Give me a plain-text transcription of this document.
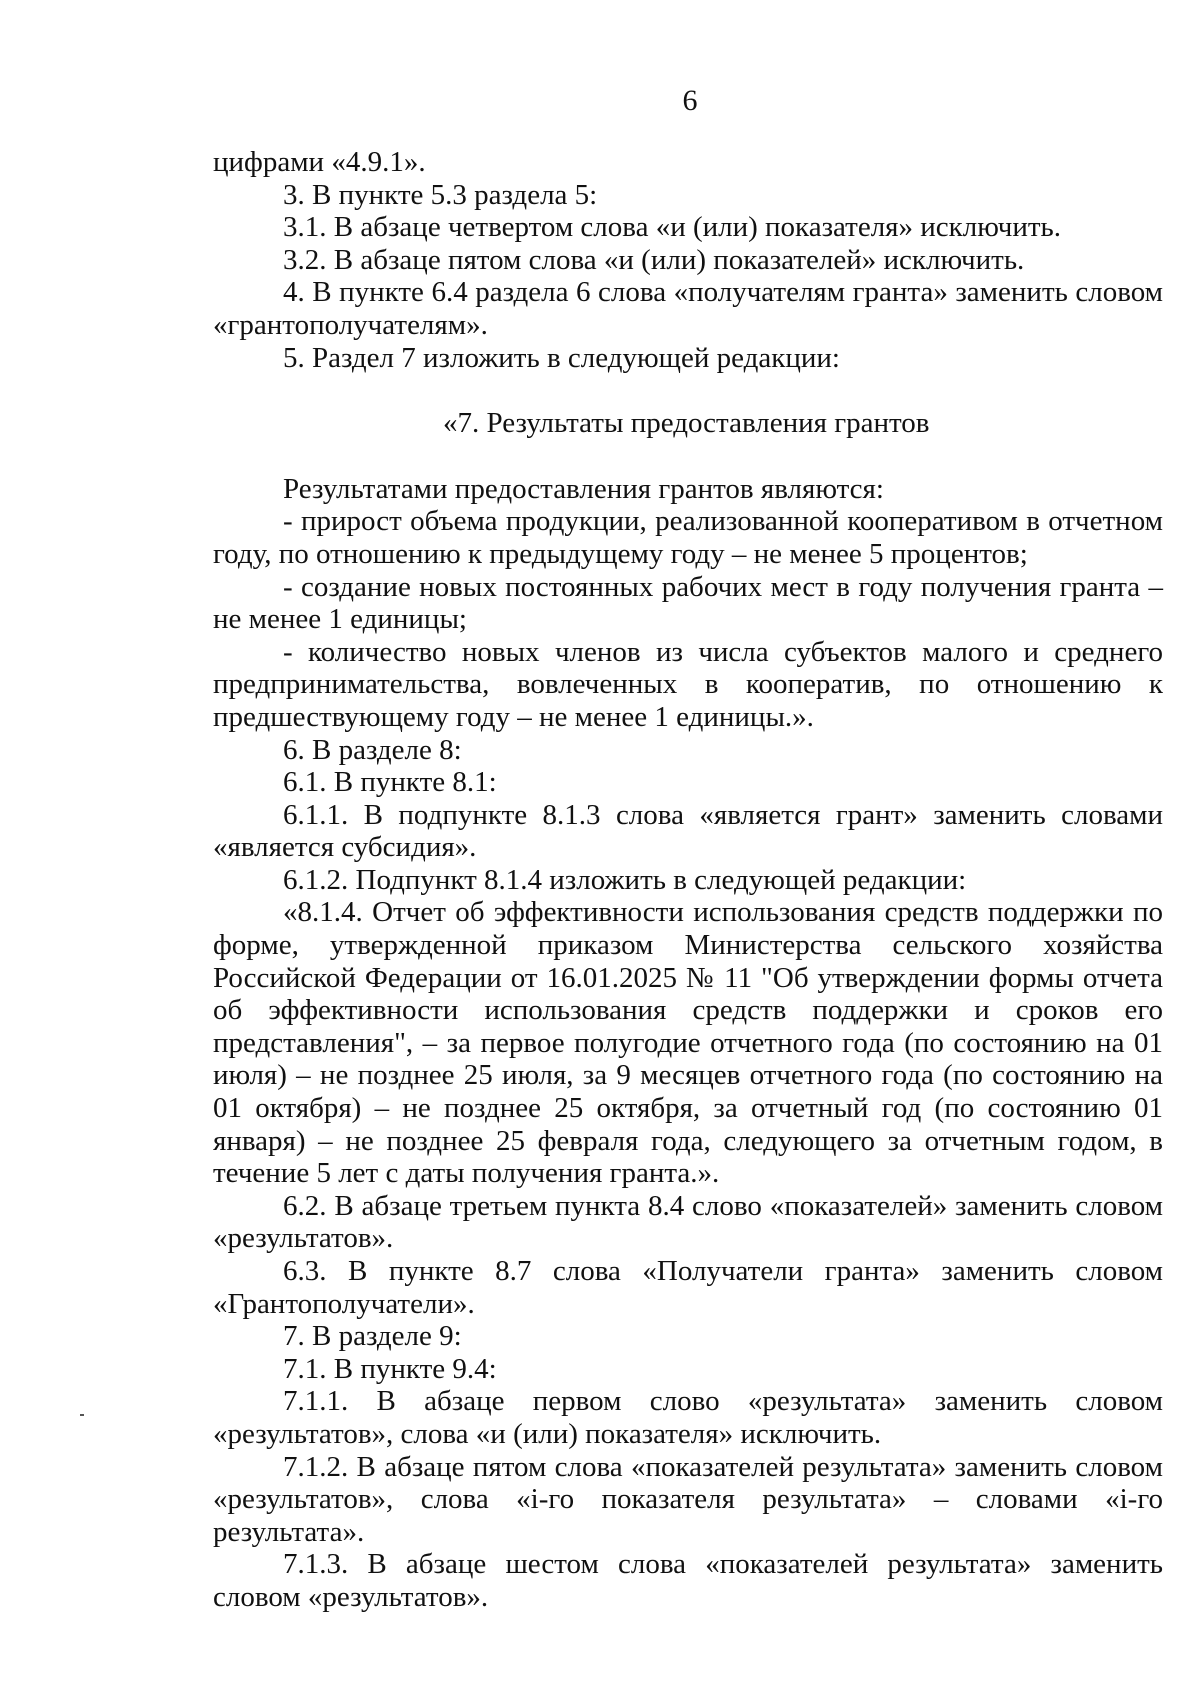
6

цифрами «4.9.1».

3. В пункте 5.3 раздела 5:

3.1. В абзаце четвертом слова «и (или) показателя» исключить.

3.2. В абзаце пятом слова «и (или) показателей» исключить.

4. В пункте 6.4 раздела 6 слова «получателям гранта» заменить словом «грантополучателям».

5. Раздел 7 изложить в следующей редакции:

«7. Результаты предоставления грантов

Результатами предоставления грантов являются:

- прирост объема продукции, реализованной кооперативом в отчетном году, по отношению к предыдущему году – не менее 5 процентов;

- создание новых постоянных рабочих мест в году получения гранта – не менее 1 единицы;

- количество новых членов из числа субъектов малого и среднего предпринимательства, вовлеченных в кооператив, по отношению к предшествующему году – не менее 1 единицы.».

6. В разделе 8:

6.1. В пункте 8.1:

6.1.1. В подпункте 8.1.3 слова «является грант» заменить словами «является субсидия».

6.1.2. Подпункт 8.1.4 изложить в следующей редакции:

«8.1.4. Отчет об эффективности использования средств поддержки по форме, утвержденной приказом Министерства сельского хозяйства Российской Федерации от 16.01.2025 № 11 "Об утверждении формы отчета об эффективности использования средств поддержки и сроков его представления", – за первое полугодие отчетного года (по состоянию на 01 июля) – не позднее 25 июля, за 9 месяцев отчетного года (по состоянию на 01 октября) – не позднее 25 октября, за отчетный год (по состоянию 01 января) – не позднее 25 февраля года, следующего за отчетным годом, в течение 5 лет с даты получения гранта.».

6.2. В абзаце третьем пункта 8.4 слово «показателей» заменить словом «результатов».

6.3. В пункте 8.7 слова «Получатели гранта» заменить словом «Грантополучатели».

7. В разделе 9:

7.1. В пункте 9.4:

7.1.1. В абзаце первом слово «результата» заменить словом «результатов», слова «и (или) показателя» исключить.

7.1.2. В абзаце пятом слова «показателей результата» заменить словом «результатов», слова «i-го показателя результата» – словами «i-го результата».

7.1.3. В абзаце шестом слова «показателей результата» заменить словом «результатов».
